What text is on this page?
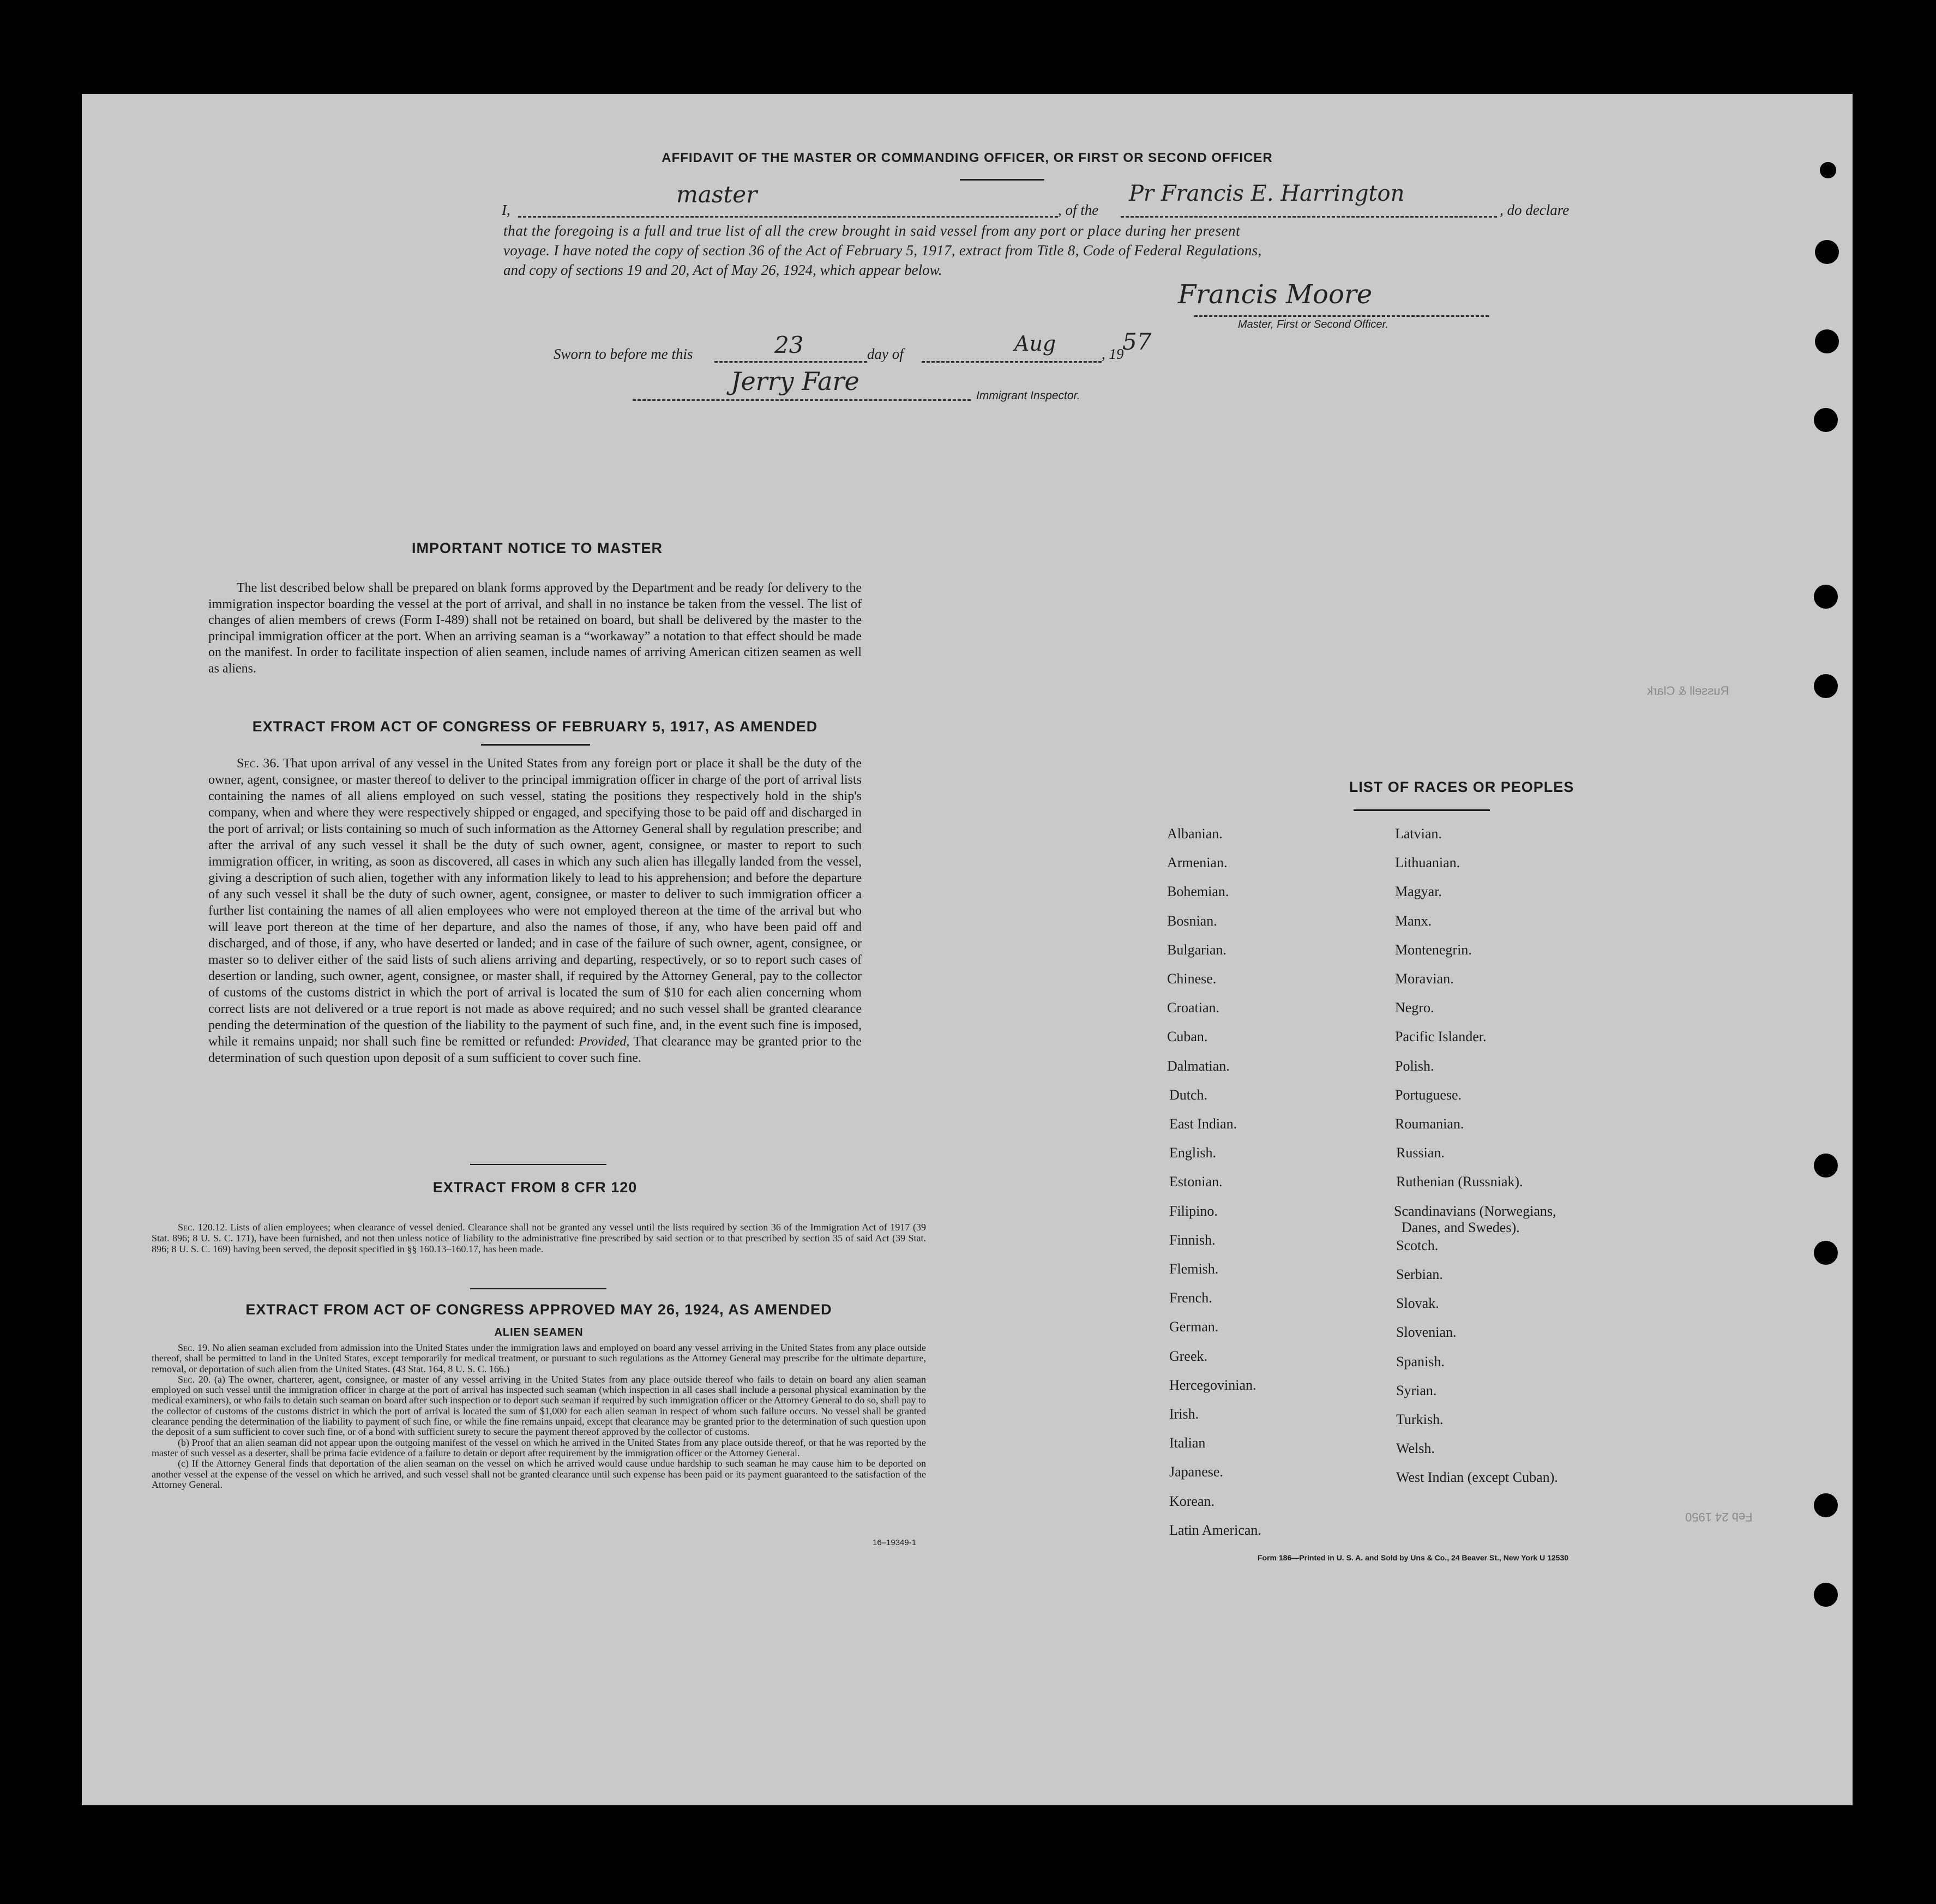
AFFIDAVIT OF THE MASTER OR COMMANDING OFFICER, OR FIRST OR SECOND OFFICER
I,
master
, of the
Pr Francis E. Harrington
, do declare
that the foregoing is a full and true list of all the crew brought in said vessel from any port or place during her present
voyage. I have noted the copy of section 36 of the Act of February 5, 1917, extract from Title 8, Code of Federal Regulations,
and copy of sections 19 and 20, Act of May 26, 1924, which appear below.
Francis Moore
Master, First or Second Officer.
Sworn to before me this	23	day of	Aug	, 19
57
Jerry Fare	Immigrant Inspector.
IMPORTANT NOTICE TO MASTER
The list described below shall be prepared on blank forms approved by the Department and be ready for delivery to the immigration inspector boarding the vessel at the port of arrival, and shall in no instance be taken from the vessel. The list of changes of alien members of crews (Form I-489) shall not be retained on board, but shall be delivered by the master to the principal immigration officer at the port. When an arriving seaman is a “workaway” a notation to that effect should be made on the manifest. In order to facilitate inspection of alien seamen, include names of arriving American citizen seamen as well as aliens.
EXTRACT FROM ACT OF CONGRESS OF FEBRUARY 5, 1917, AS AMENDED
Sec. 36. That upon arrival of any vessel in the United States from any foreign port or place it shall be the duty of the owner, agent, consignee, or master thereof to deliver to the principal immigration officer in charge of the port of arrival lists containing the names of all aliens employed on such vessel, stating the positions they respectively hold in the ship's company, when and where they were respectively shipped or engaged, and specifying those to be paid off and discharged in the port of arrival; or lists containing so much of such information as the Attorney General shall by regulation prescribe; and after the arrival of any such vessel it shall be the duty of such owner, agent, consignee, or master to report to such immigration officer, in writing, as soon as discovered, all cases in which any such alien has illegally landed from the vessel, giving a description of such alien, together with any information likely to lead to his apprehension; and before the departure of any such vessel it shall be the duty of such owner, agent, consignee, or master to deliver to such immigration officer a further list containing the names of all alien employees who were not employed thereon at the time of the arrival but who will leave port thereon at the time of her departure, and also the names of those, if any, who have been paid off and discharged, and of those, if any, who have deserted or landed; and in case of the failure of such owner, agent, consignee, or master so to deliver either of the said lists of such aliens arriving and departing, respectively, or so to report such cases of desertion or landing, such owner, agent, consignee, or master shall, if required by the Attorney General, pay to the collector of customs of the customs district in which the port of arrival is located the sum of $10 for each alien concerning whom correct lists are not delivered or a true report is not made as above required; and no such vessel shall be granted clearance pending the determination of the question of the liability to the payment of such fine, and, in the event such fine is imposed, while it remains unpaid; nor shall such fine be remitted or refunded: Provided, That clearance may be granted prior to the determination of such question upon deposit of a sum sufficient to cover such fine.
EXTRACT FROM 8 CFR 120
Sec. 120.12. Lists of alien employees; when clearance of vessel denied. Clearance shall not be granted any vessel until the lists required by section 36 of the Immigration Act of 1917 (39 Stat. 896; 8 U. S. C. 171), have been furnished, and not then unless notice of liability to the administrative fine prescribed by said section or to that prescribed by section 35 of said Act (39 Stat. 896; 8 U. S. C. 169) having been served, the deposit specified in §§ 160.13–160.17, has been made.
EXTRACT FROM ACT OF CONGRESS APPROVED MAY 26, 1924, AS AMENDED
ALIEN SEAMEN
Sec. 19. No alien seaman excluded from admission into the United States under the immigration laws and employed on board any vessel arriving in the United States from any place outside thereof, shall be permitted to land in the United States, except temporarily for medical treatment, or pursuant to such regulations as the Attorney General may prescribe for the ultimate departure, removal, or deportation of such alien from the United States. (43 Stat. 164, 8 U. S. C. 166.)
Sec. 20. (a) The owner, charterer, agent, consignee, or master of any vessel arriving in the United States from any place outside thereof who fails to detain on board any alien seaman employed on such vessel until the immigration officer in charge at the port of arrival has inspected such seaman (which inspection in all cases shall include a personal physical examination by the medical examiners), or who fails to detain such seaman on board after such inspection or to deport such seaman if required by such immigration officer or the Attorney General to do so, shall pay to the collector of customs of the customs district in which the port of arrival is located the sum of $1,000 for each alien seaman in respect of whom such failure occurs. No vessel shall be granted clearance pending the determination of the liability to payment of such fine, or while the fine remains unpaid, except that clearance may be granted prior to the determination of such question upon the deposit of a sum sufficient to cover such fine, or of a bond with sufficient surety to secure the payment thereof approved by the collector of customs.
(b) Proof that an alien seaman did not appear upon the outgoing manifest of the vessel on which he arrived in the United States from any place outside thereof, or that he was reported by the master of such vessel as a deserter, shall be prima facie evidence of a failure to detain or deport after requirement by the immigration officer or the Attorney General.
(c) If the Attorney General finds that deportation of the alien seaman on the vessel on which he arrived would cause undue hardship to such seaman he may cause him to be deported on another vessel at the expense of the vessel on which he arrived, and such vessel shall not be granted clearance until such expense has been paid or its payment guaranteed to the satisfaction of the Attorney General.
16–19349-1
LIST OF RACES OR PEOPLES
Albanian.
Armenian.
Bohemian.
Bosnian.
Bulgarian.
Chinese.
Croatian.
Cuban.
Dalmatian.
Dutch.
East Indian.
English.
Estonian.
Filipino.
Finnish.
Flemish.
French.
German.
Greek.
Hercegovinian.
Irish.
Italian
Japanese.
Korean.
Latin American.
Latvian.
Lithuanian.
Magyar.
Manx.
Montenegrin.
Moravian.
Negro.
Pacific Islander.
Polish.
Portuguese.
Roumanian.
Russian.
Ruthenian (Russniak).
Scandinavians (Norwegians,
Danes, and Swedes).
Scotch.
Serbian.
Slovak.
Slovenian.
Spanish.
Syrian.
Turkish.
Welsh.
West Indian (except Cuban).
Form 186—Printed in U. S. A. and Sold by Uns & Co., 24 Beaver St., New York U 12530
Russell & Clark
Feb 24 1950
